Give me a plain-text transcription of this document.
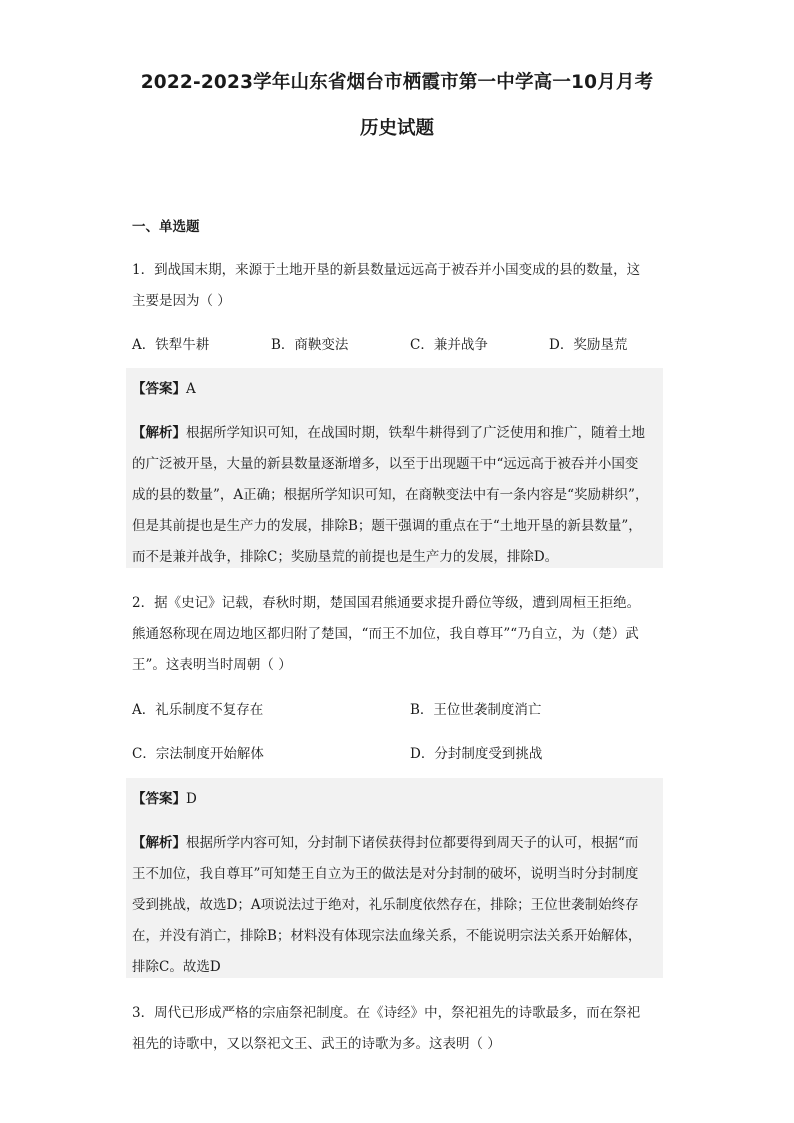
2022-2023学年山东省烟台市栖霞市第一中学高一10月月考
历史试题
一、单选题
1．到战国末期，来源于土地开垦的新县数量远远高于被吞并小国变成的县的数量，这
主要是因为（ ）
A．铁犁牛耕	B．商鞅变法	C．兼并战争	D．奖励垦荒
【答案】A
【解析】根据所学知识可知，在战国时期，铁犁牛耕得到了广泛使用和推广，随着土地
的广泛被开垦，大量的新县数量逐渐增多，以至于出现题干中“远远高于被吞并小国变
成的县的数量”，A正确；根据所学知识可知，在商鞅变法中有一条内容是“奖励耕织”，
但是其前提也是生产力的发展，排除B；题干强调的重点在于“土地开垦的新县数量”，
而不是兼并战争，排除C；奖励垦荒的前提也是生产力的发展，排除D。
2．据《史记》记载，春秋时期，楚国国君熊通要求提升爵位等级，遭到周桓王拒绝。
熊通怒称现在周边地区都归附了楚国，“而王不加位，我自尊耳”“乃自立，为（楚）武
王”。这表明当时周朝（ ）
A．礼乐制度不复存在	B．王位世袭制度消亡
C．宗法制度开始解体	D．分封制度受到挑战
【答案】D
【解析】根据所学内容可知，分封制下诸侯获得封位都要得到周天子的认可，根据“而
王不加位，我自尊耳”可知楚王自立为王的做法是对分封制的破坏，说明当时分封制度
受到挑战，故选D；A项说法过于绝对，礼乐制度依然存在，排除；王位世袭制始终存
在，并没有消亡，排除B；材料没有体现宗法血缘关系，不能说明宗法关系开始解体，
排除C。故选D
3．周代已形成严格的宗庙祭祀制度。在《诗经》中，祭祀祖先的诗歌最多，而在祭祀
祖先的诗歌中，又以祭祀文王、武王的诗歌为多。这表明（ ）
